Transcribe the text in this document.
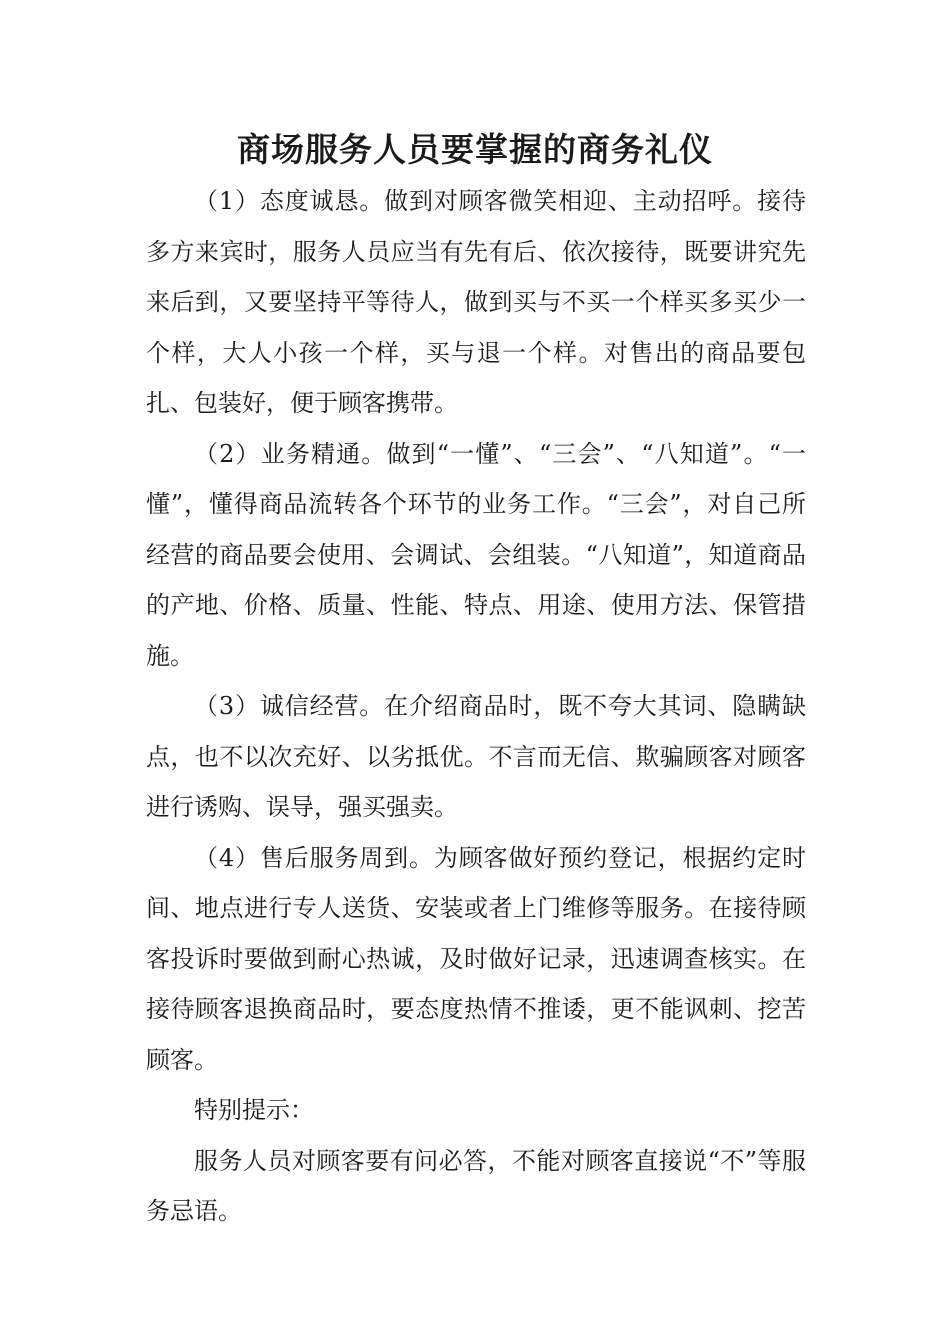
商场服务人员要掌握的商务礼仪

（1）态度诚恳。做到对顾客微笑相迎、主动招呼。接待多方来宾时，服务人员应当有先有后、依次接待，既要讲究先来后到，又要坚持平等待人，做到买与不买一个样买多买少一个样，大人小孩一个样，买与退一个样。对售出的商品要包扎、包装好，便于顾客携带。

（2）业务精通。做到“一懂”、“三会”、“八知道”。“一懂”，懂得商品流转各个环节的业务工作。“三会”，对自己所经营的商品要会使用、会调试、会组装。“八知道”，知道商品的产地、价格、质量、性能、特点、用途、使用方法、保管措施。

（3）诚信经营。在介绍商品时，既不夸大其词、隐瞒缺点，也不以次充好、以劣抵优。不言而无信、欺骗顾客对顾客进行诱购、误导，强买强卖。

（4）售后服务周到。为顾客做好预约登记，根据约定时间、地点进行专人送货、安装或者上门维修等服务。在接待顾客投诉时要做到耐心热诚，及时做好记录，迅速调查核实。在接待顾客退换商品时，要态度热情不推诿，更不能讽刺、挖苦顾客。

特别提示：

服务人员对顾客要有问必答，不能对顾客直接说“不”等服务忌语。
